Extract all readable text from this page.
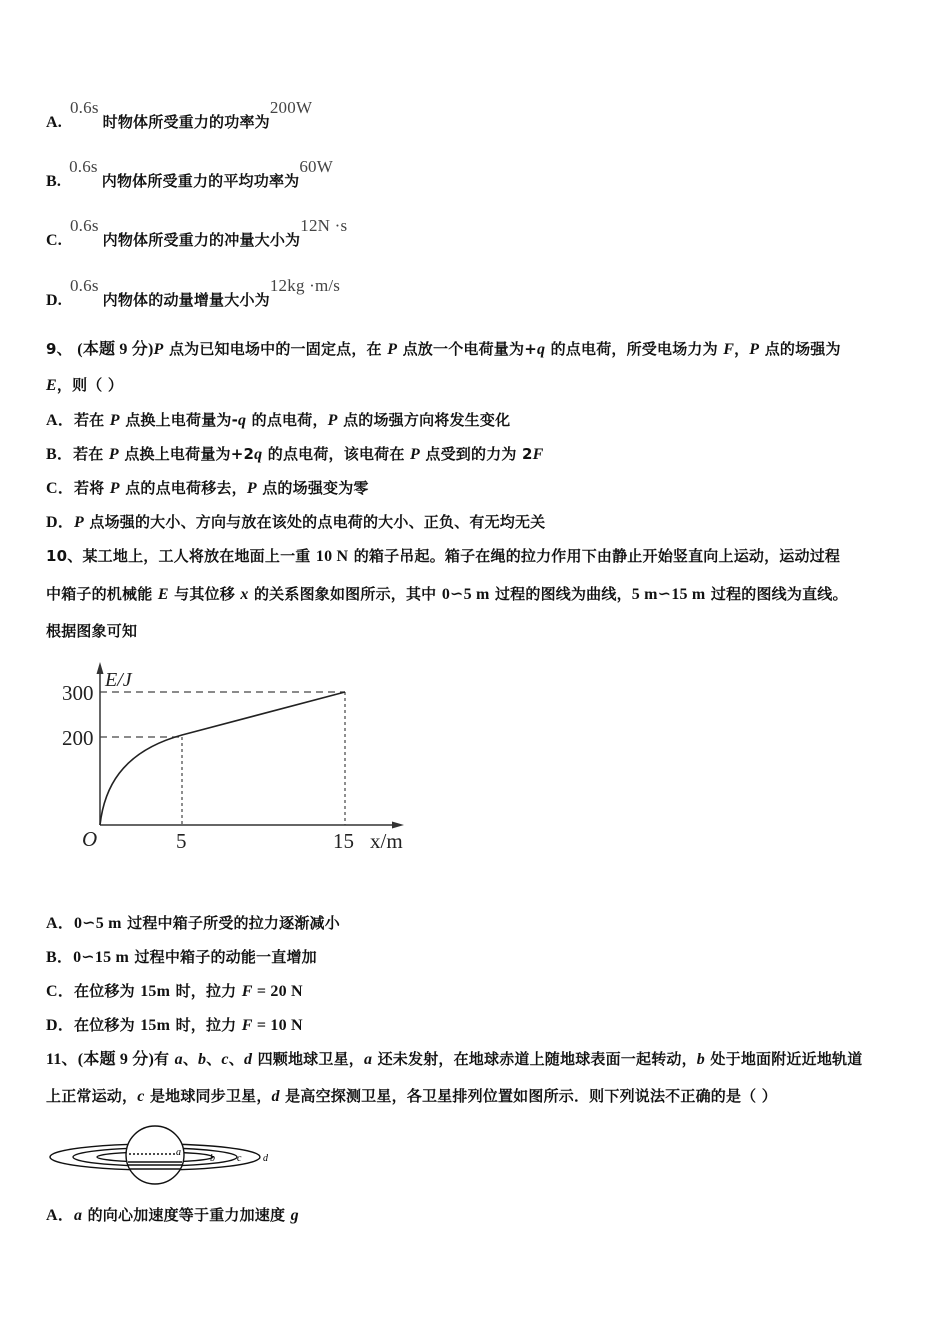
A.0.6s时物体所受重力的功率为200W
B.0.6s内物体所受重力的平均功率为60W
C.0.6s内物体所受重力的冲量大小为12N ·s
D.0.6s内物体的动量增量大小为12kg ·m/s
9、 (本题 9 分)P 点为已知电场中的一固定点，在 P 点放一个电荷量为+q 的点电荷，所受电场力为 F，P 点的场强为
E，则（ ）
A．若在 P 点换上电荷量为-q 的点电荷，P 点的场强方向将发生变化
B．若在 P 点换上电荷量为+2q 的点电荷，该电荷在 P 点受到的力为 2F
C．若将 P 点的点电荷移去，P 点的场强变为零
D．P 点场强的大小、方向与放在该处的点电荷的大小、正负、有无均无关
10、某工地上，工人将放在地面上一重 10 N 的箱子吊起。箱子在绳的拉力作用下由静止开始竖直向上运动，运动过程
中箱子的机械能 E 与其位移 x 的关系图象如图所示，其中 0∽5 m 过程的图线为曲线，5 m∽15 m 过程的图线为直线。
根据图象可知
E/J
300
200
O	5	15 x/m
A．0∽5 m 过程中箱子所受的拉力逐渐减小
B．0∽15 m 过程中箱子的动能一直增加
C．在位移为 15m 时，拉力 F = 20 N
D．在位移为 15m 时，拉力 F = 10 N
11、(本题 9 分)有 a、b、c、d 四颗地球卫星，a 还未发射，在地球赤道上随地球表面一起转动，b 处于地面附近近地轨道
上正常运动，c 是地球同步卫星，d 是高空探测卫星，各卫星排列位置如图所示．则下列说法不正确的是（ ）
a
b c d
A．a 的向心加速度等于重力加速度 g
